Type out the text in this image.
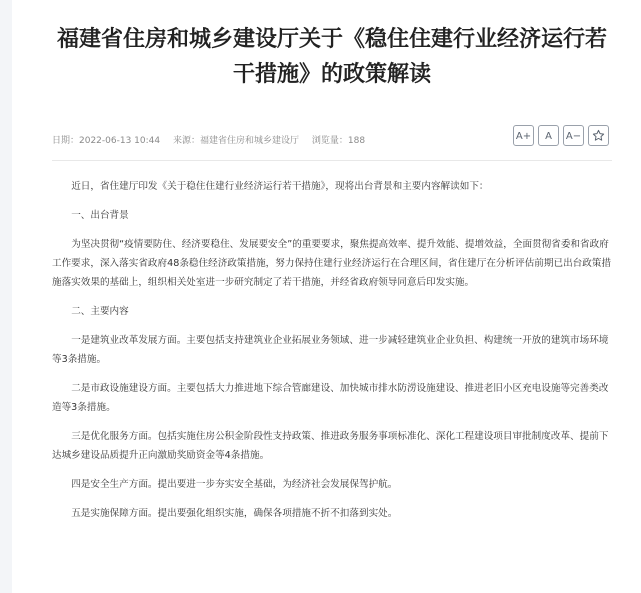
福建省住房和城乡建设厅关于《稳住住建行业经济运行若干措施》的政策解读
日期：2022-06-13 10:44 来源：福建省住房和城乡建设厅 浏览量：188	A+	A	A−

近日，省住建厅印发《关于稳住住建行业经济运行若干措施》，现将出台背景和主要内容解读如下：

一、出台背景

为坚决贯彻“疫情要防住、经济要稳住、发展要安全”的重要要求，聚焦提高效率、提升效能、提增效益，全面贯彻省委和省政府工作要求，深入落实省政府48条稳住经济政策措施，努力保持住建行业经济运行在合理区间，省住建厅在分析评估前期已出台政策措施落实效果的基础上，组织相关处室进一步研究制定了若干措施，并经省政府领导同意后印发实施。

二、主要内容

一是建筑业改革发展方面。主要包括支持建筑业企业拓展业务领域、进一步减轻建筑业企业负担、构建统一开放的建筑市场环境等3条措施。

二是市政设施建设方面。主要包括大力推进地下综合管廊建设、加快城市排水防涝设施建设、推进老旧小区充电设施等完善类改造等3条措施。

三是优化服务方面。包括实施住房公积金阶段性支持政策、推进政务服务事项标准化、深化工程建设项目审批制度改革、提前下达城乡建设品质提升正向激励奖励资金等4条措施。

四是安全生产方面。提出要进一步夯实安全基础，为经济社会发展保驾护航。

五是实施保障方面。提出要强化组织实施，确保各项措施不折不扣落到实处。
